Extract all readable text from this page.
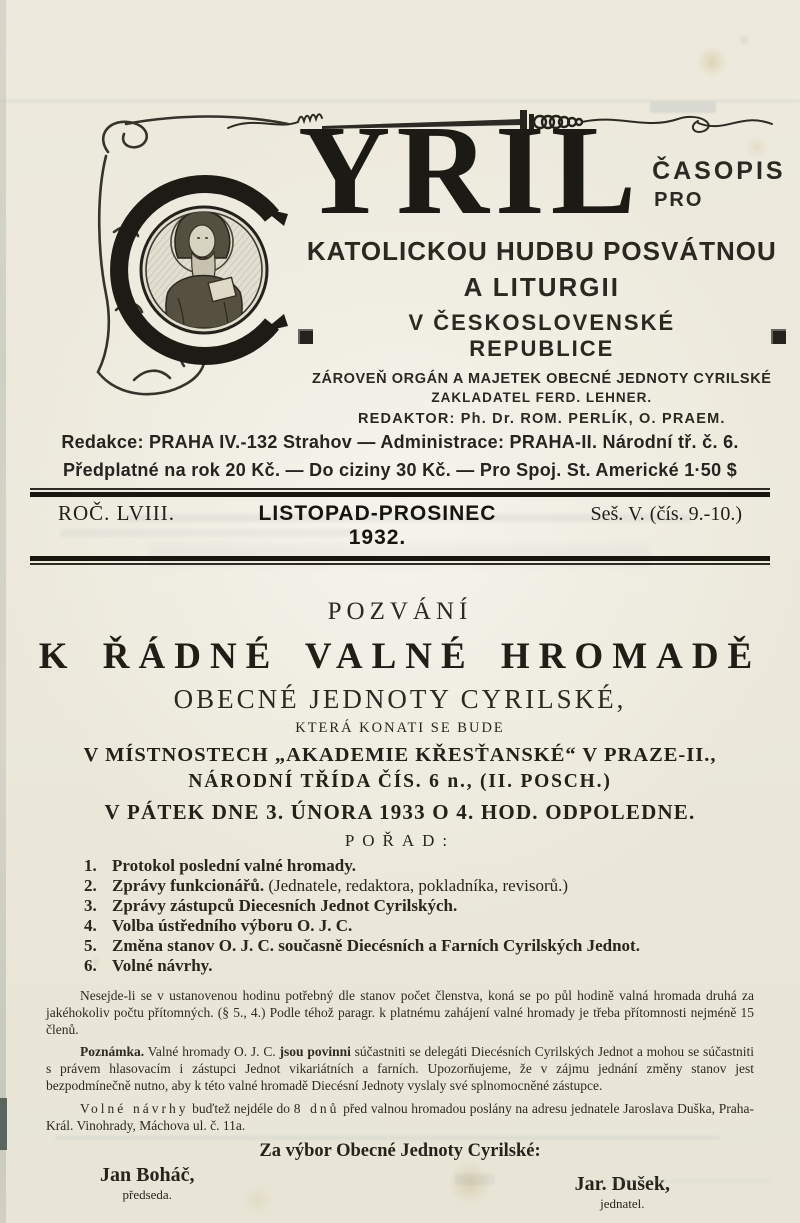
YRIL ČASOPIS
PRO
KATOLICKOU HUDBU POSVÁTNOU
A LITURGII
V ČESKOSLOVENSKÉ REPUBLICE
ZÁROVEŇ ORGÁN A MAJETEK OBECNÉ JEDNOTY CYRILSKÉ
ZAKLADATEL FERD. LEHNER.
REDAKTOR: Ph. Dr. ROM. PERLÍK, O. PRAEM.
Redakce: PRAHA IV.-132 Strahov — Administrace: PRAHA-II. Národní tř. č. 6.
Předplatné na rok 20 Kč. — Do ciziny 30 Kč. — Pro Spoj. St. Americké 1·50 $
ROČ. LVIII.	LISTOPAD-PROSINEC 1932.
Seš. V. (čís. 9.-10.)
POZVÁNÍ
K ŘÁDNÉ VALNÉ HROMADĚ
OBECNÉ JEDNOTY CYRILSKÉ,
KTERÁ KONATI SE BUDE
V MÍSTNOSTECH „AKADEMIE KŘESŤANSKÉ“ V PRAZE-II.,
NÁRODNÍ TŘÍDA ČÍS. 6 n., (II. POSCH.)
V PÁTEK DNE 3. ÚNORA 1933 O 4. HOD. ODPOLEDNE.
POŘAD:
1. Protokol poslední valné hromady.
2. Zprávy funkcionářů. (Jednatele, redaktora, pokladníka, revisorů.)
3. Zprávy zástupců Diecesních Jednot Cyrilských.
4. Volba ústředního výboru O. J. C.
5. Změna stanov O. J. C. současně Diecésních a Farních Cyrilských Jednot.
6. Volné návrhy.

Nesejde-li se v ustanovenou hodinu potřebný dle stanov počet členstva, koná se po půl hodině valná hromada druhá za jakéhokoliv počtu přítomných. (§ 5., 4.) Podle téhož paragr. k platnému zahájení valné hromady je třeba přítomnosti nejméně 15 členů.

Poznámka. Valné hromady O. J. C. jsou povinni súčastniti se delegáti Diecésních Cyrilských Jednot a mohou se súčastniti s právem hlasovacím i zástupci Jednot vikariátních a farních. Upozorňujeme, že v zájmu jednání změny stanov jest bezpodmínečně nutno, aby k této valné hromadě Diecésní Jednoty vyslaly své splnomocněné zástupce.

Volné návrhy buďtež nejdéle do 8 dnů před valnou hromadou poslány na adresu jednatele Jaroslava Duška, Praha-Král. Vinohrady, Máchova ul. č. 11a.

Za výbor Obecné Jednoty Cyrilské:
Jan Boháč,
předseda.	Jar. Dušek,
jednatel.
